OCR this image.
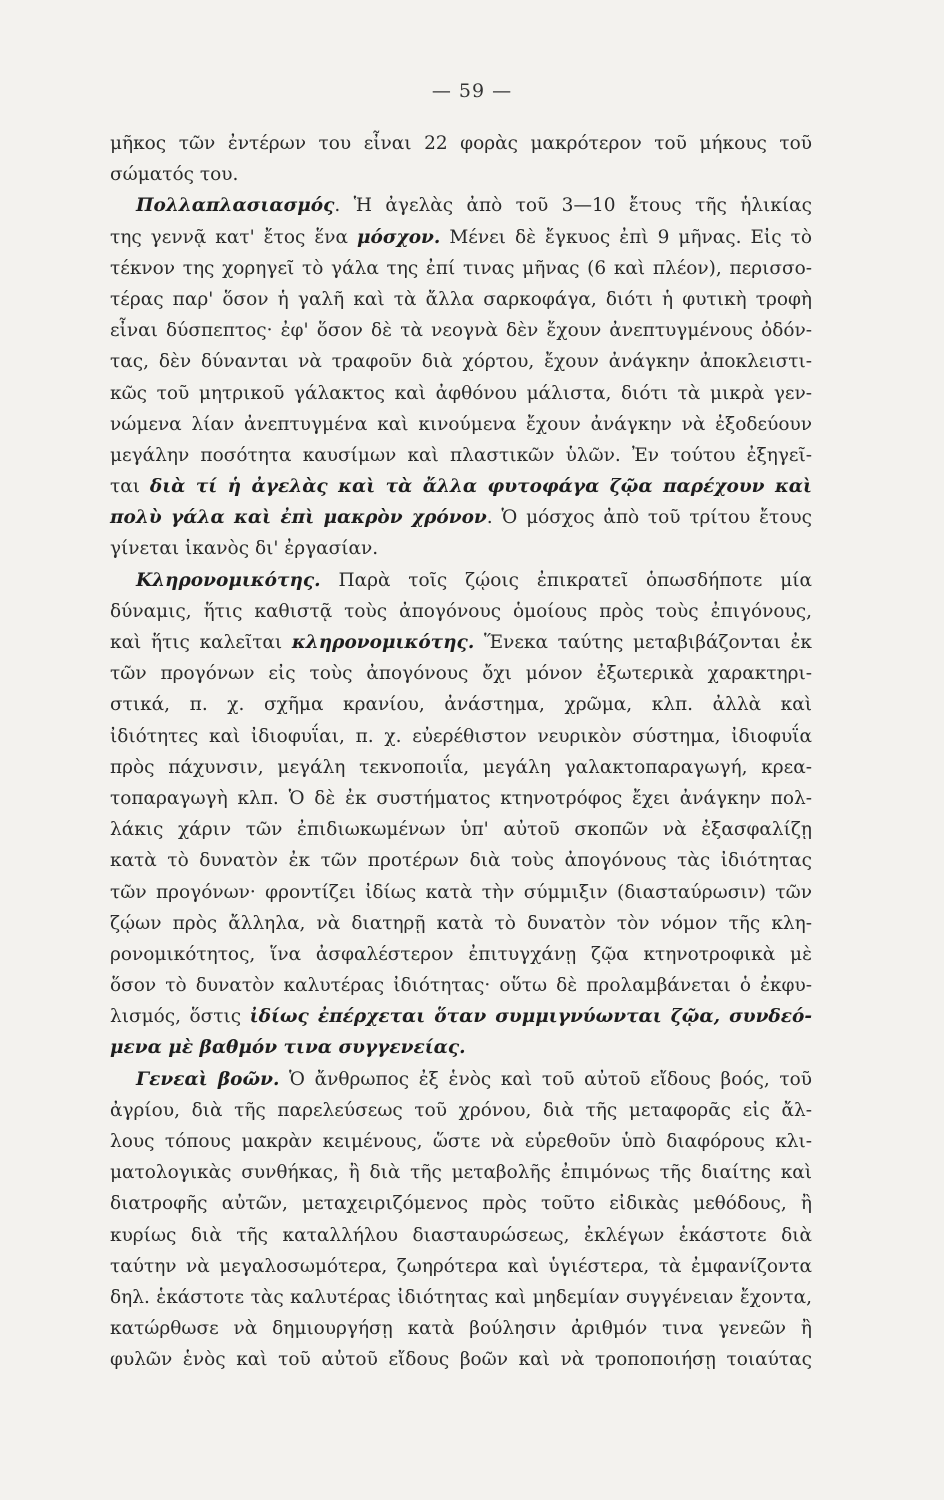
— 59 —
μῆκος τῶν ἐντέρων του εἶναι 22 φορὰς μακρότερον τοῦ μήκους τοῦ
σώματός του.
Πολλαπλασιασμός. Ἡ ἀγελὰς ἀπὸ τοῦ 3—10 ἔτους τῆς ἡλικίας
της γεννᾷ κατ' ἔτος ἕνα μόσχον. Μένει δὲ ἔγκυος ἐπὶ 9 μῆνας. Εἰς τὸ
τέκνον της χορηγεῖ τὸ γάλα της ἐπί τινας μῆνας (6 καὶ πλέον), περισσο-
τέρας παρ' ὅσον ἡ γαλῆ καὶ τὰ ἄλλα σαρκοφάγα, διότι ἡ φυτικὴ τροφὴ
εἶναι δύσπεπτος· ἐφ' ὅσον δὲ τὰ νεογνὰ δὲν ἔχουν ἀνεπτυγμένους ὀδόν-
τας, δὲν δύνανται νὰ τραφοῦν διὰ χόρτου, ἔχουν ἀνάγκην ἀποκλειστι-
κῶς τοῦ μητρικοῦ γάλακτος καὶ ἀφθόνου μάλιστα, διότι τὰ μικρὰ γεν-
νώμενα λίαν ἀνεπτυγμένα καὶ κινούμενα ἔχουν ἀνάγκην νὰ ἐξοδεύουν
μεγάλην ποσότητα καυσίμων καὶ πλαστικῶν ὑλῶν. Ἐν τούτου ἐξηγεῖ-
ται διὰ τί ἡ ἀγελὰς καὶ τὰ ἄλλα φυτοφάγα ζῷα παρέχουν καὶ
πολὺ γάλα καὶ ἐπὶ μακρὸν χρόνον. Ὁ μόσχος ἀπὸ τοῦ τρίτου ἔτους
γίνεται ἱκανὸς δι' ἐργασίαν.
Κληρονομικότης. Παρὰ τοῖς ζῴοις ἐπικρατεῖ ὁπωσδήποτε μία
δύναμις, ἥτις καθιστᾷ τοὺς ἀπογόνους ὁμοίους πρὸς τοὺς ἐπιγόνους,
καὶ ἥτις καλεῖται κληρονομικότης. Ἕνεκα ταύτης μεταβιβάζονται ἐκ
τῶν προγόνων εἰς τοὺς ἀπογόνους ὄχι μόνον ἐξωτερικὰ χαρακτηρι-
στικά, π. χ. σχῆμα κρανίου, ἀνάστημα, χρῶμα, κλπ. ἀλλὰ καὶ
ἰδιότητες καὶ ἰδιοφυΐαι, π. χ. εὐερέθιστον νευρικὸν σύστημα, ἰδιοφυΐα
πρὸς πάχυνσιν, μεγάλη τεκνοποιΐα, μεγάλη γαλακτοπαραγωγή, κρεα-
τοπαραγωγὴ κλπ. Ὁ δὲ ἐκ συστήματος κτηνοτρόφος ἔχει ἀνάγκην πολ-
λάκις χάριν τῶν ἐπιδιωκωμένων ὑπ' αὐτοῦ σκοπῶν νὰ ἐξασφαλίζῃ
κατὰ τὸ δυνατὸν ἐκ τῶν προτέρων διὰ τοὺς ἀπογόνους τὰς ἰδιότητας
τῶν προγόνων· φροντίζει ἰδίως κατὰ τὴν σύμμιξιν (διασταύρωσιν) τῶν
ζῴων πρὸς ἄλληλα, νὰ διατηρῇ κατὰ τὸ δυνατὸν τὸν νόμον τῆς κλη-
ρονομικότητος, ἵνα ἀσφαλέστερον ἐπιτυγχάνῃ ζῷα κτηνοτροφικὰ μὲ
ὅσον τὸ δυνατὸν καλυτέρας ἰδιότητας· οὕτω δὲ προλαμβάνεται ὁ ἐκφυ-
λισμός, ὅστις ἰδίως ἐπέρχεται ὅταν συμμιγνύωνται ζῷα, συνδεό-
μενα μὲ βαθμόν τινα συγγενείας.
Γενεαὶ βοῶν. Ὁ ἄνθρωπος ἐξ ἑνὸς καὶ τοῦ αὐτοῦ εἴδους βοός, τοῦ
ἀγρίου, διὰ τῆς παρελεύσεως τοῦ χρόνου, διὰ τῆς μεταφορᾶς εἰς ἄλ-
λους τόπους μακρὰν κειμένους, ὥστε νὰ εὑρεθοῦν ὑπὸ διαφόρους κλι-
ματολογικὰς συνθήκας, ἢ διὰ τῆς μεταβολῆς ἐπιμόνως τῆς διαίτης καὶ
διατροφῆς αὐτῶν, μεταχειριζόμενος πρὸς τοῦτο εἰδικὰς μεθόδους, ἢ
κυρίως διὰ τῆς καταλλήλου διασταυρώσεως, ἐκλέγων ἑκάστοτε διὰ
ταύτην νὰ μεγαλοσωμότερα, ζωηρότερα καὶ ὑγιέστερα, τὰ ἐμφανίζοντα
δηλ. ἑκάστοτε τὰς καλυτέρας ἰδιότητας καὶ μηδεμίαν συγγένειαν ἔχοντα,
κατώρθωσε νὰ δημιουργήσῃ κατὰ βούλησιν ἀριθμόν τινα γενεῶν ἢ
φυλῶν ἑνὸς καὶ τοῦ αὐτοῦ εἴδους βοῶν καὶ νὰ τροποποιήσῃ τοιαύτας
